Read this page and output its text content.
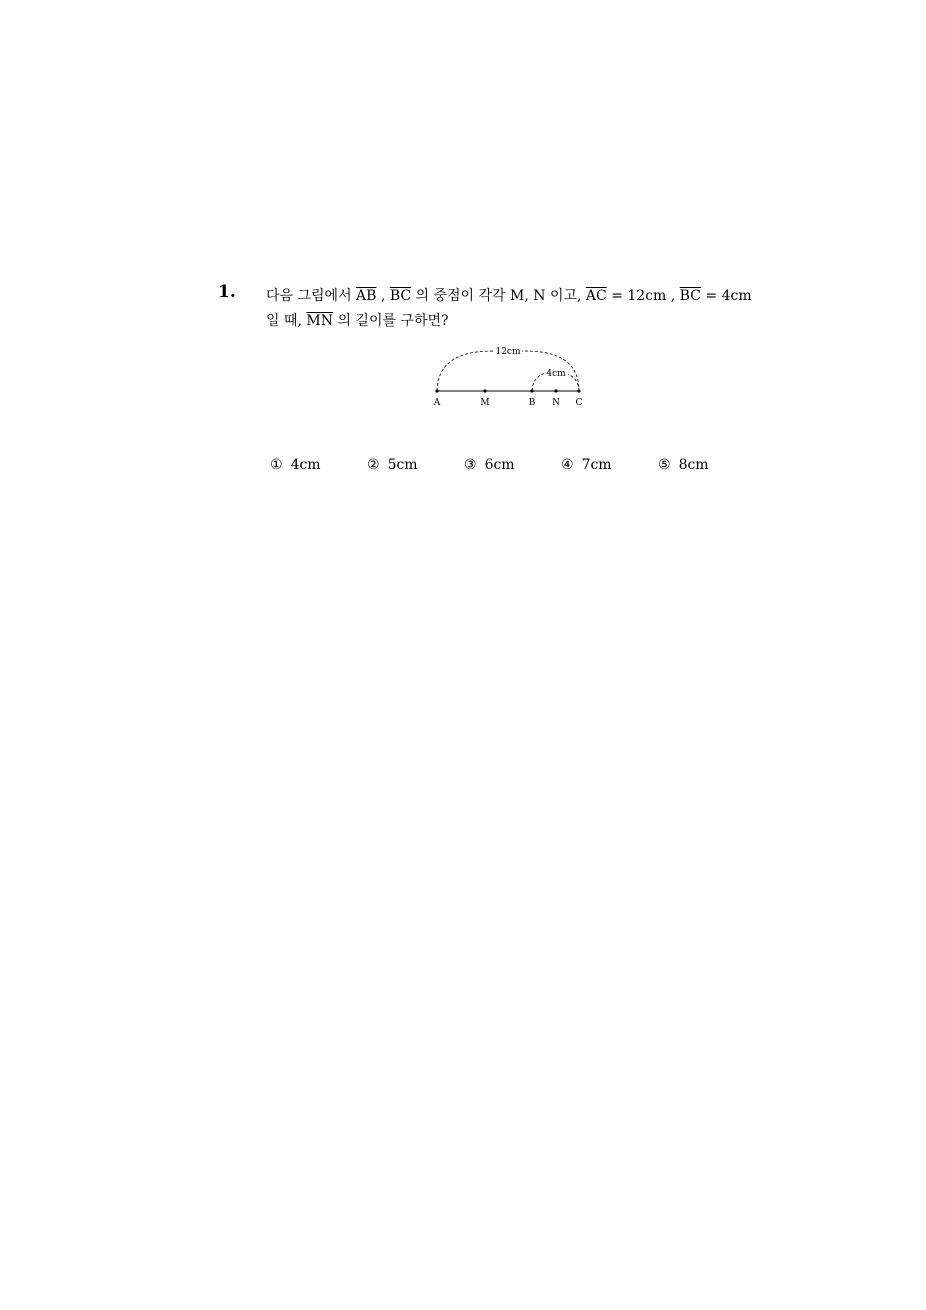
1. 다음 그림에서 $\overline{AB}$ , $\overline{BC}$ 의 중점이 각각 M, N 이고, $\overline{AC} = 12cm$ , $\overline{BC} = 4cm$ 일 때, $\overline{MN}$ 의 길이를 구하면?
12cm
4cm
A	M	B N C
① 4cm	② 5cm	③ 6cm	④ 7cm	⑤ 8cm
